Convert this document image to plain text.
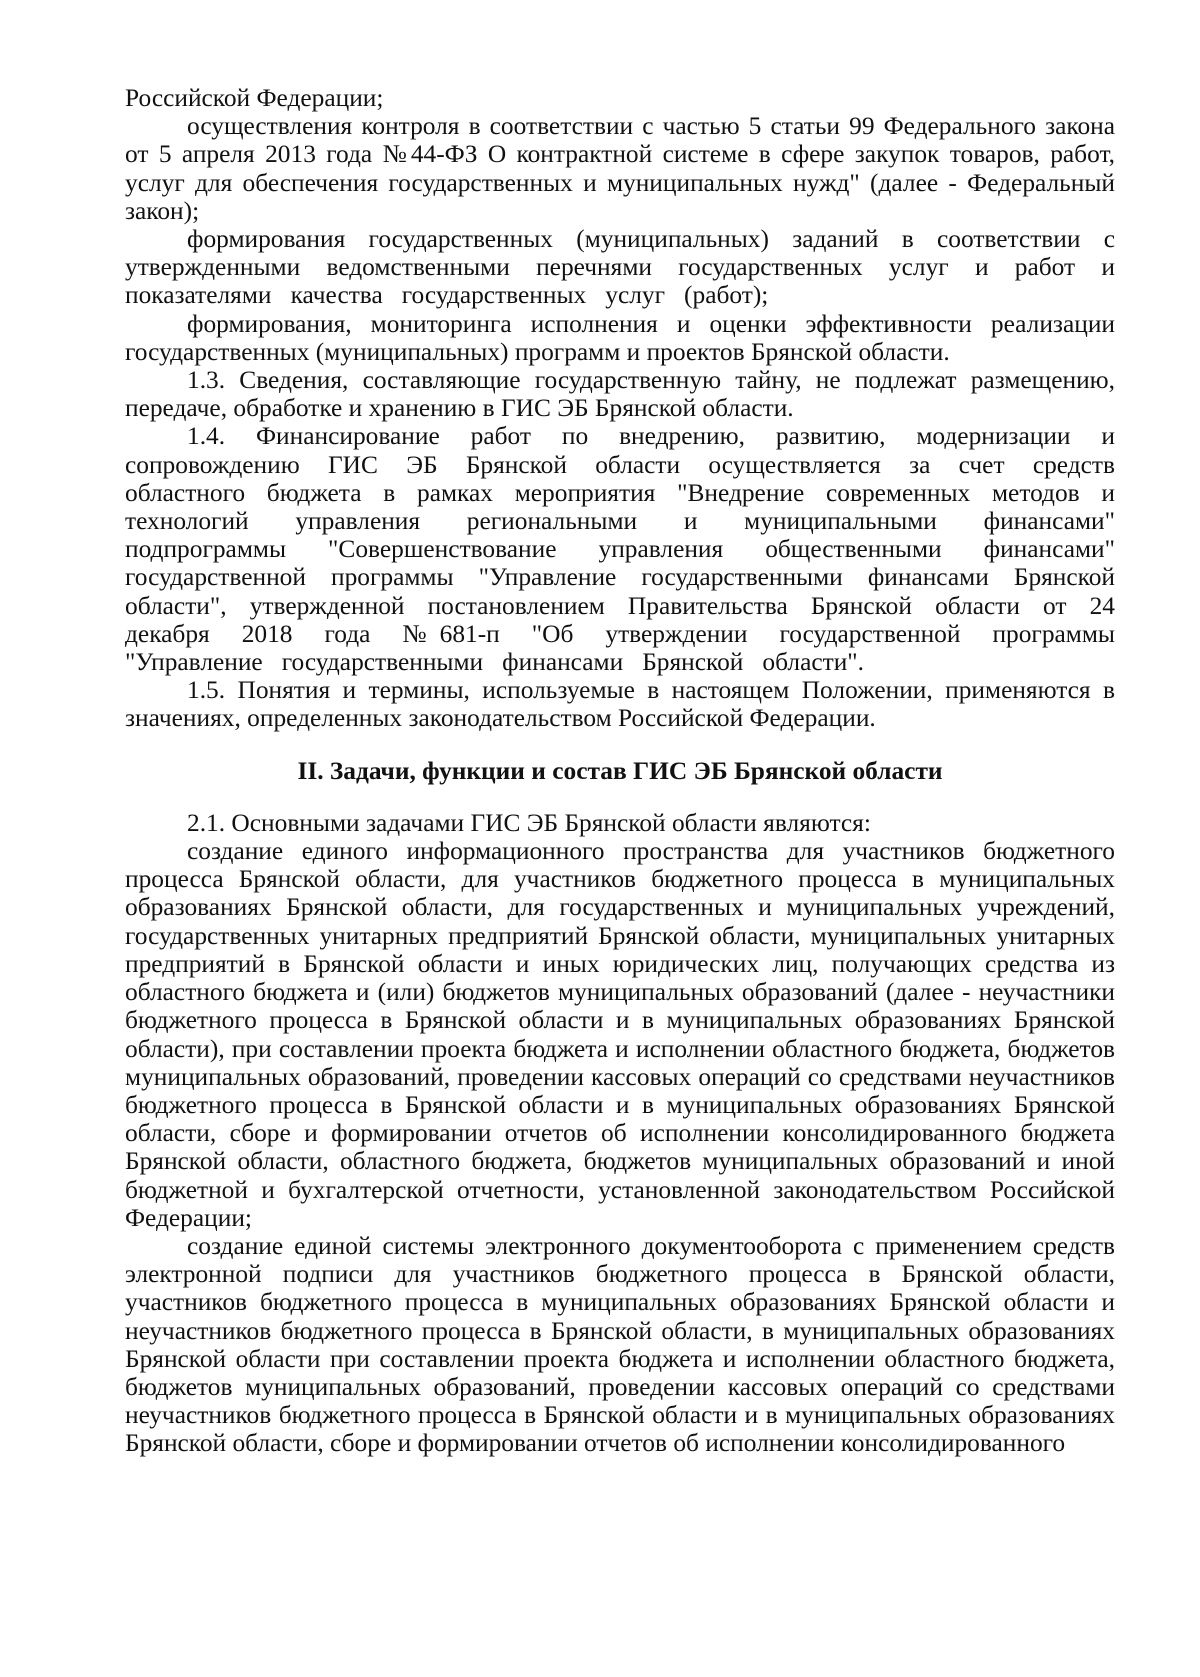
Российской Федерации;

осуществления контроля в соответствии с частью 5 статьи 99 Федерального закона от 5 апреля 2013 года №44-ФЗ О контрактной системе в сфере закупок товаров, работ, услуг для обеспечения государственных и муниципальных нужд" (далее - Федеральный закон);

формирования государственных (муниципальных) заданий в соответствии с утвержденными ведомственными перечнями государственных услуг и работ и показателями качества государственных услуг (работ);

формирования, мониторинга исполнения и оценки эффективности реализации государственных (муниципальных) программ и проектов Брянской области.

1.3. Сведения, составляющие государственную тайну, не подлежат размещению, передаче, обработке и хранению в ГИС ЭБ Брянской области.

1.4. Финансирование работ по внедрению, развитию, модернизации и сопровождению ГИС ЭБ Брянской области осуществляется за счет средств областного бюджета в рамках мероприятия "Внедрение современных методов и технологий управления региональными и муниципальными финансами" подпрограммы "Совершенствование управления общественными финансами" государственной программы "Управление государственными финансами Брянской области", утвержденной постановлением Правительства Брянской области от 24 декабря 2018 года №681-п "Об утверждении государственной программы "Управление государственными финансами Брянской области".

1.5. Понятия и термины, используемые в настоящем Положении, применяются в значениях, определенных законодательством Российской Федерации.

II. Задачи, функции и состав ГИС ЭБ Брянской области

2.1. Основными задачами ГИС ЭБ Брянской области являются:

создание единого информационного пространства для участников бюджетного процесса Брянской области, для участников бюджетного процесса в муниципальных образованиях Брянской области, для государственных и муниципальных учреждений, государственных унитарных предприятий Брянской области, муниципальных унитарных предприятий в Брянской области и иных юридических лиц, получающих средства из областного бюджета и (или) бюджетов муниципальных образований (далее - неучастники бюджетного процесса в Брянской области и в муниципальных образованиях Брянской области), при составлении проекта бюджета и исполнении областного бюджета, бюджетов муниципальных образований, проведении кассовых операций со средствами неучастников бюджетного процесса в Брянской области и в муниципальных образованиях Брянской области, сборе и формировании отчетов об исполнении консолидированного бюджета Брянской области, областного бюджета, бюджетов муниципальных образований и иной бюджетной и бухгалтерской отчетности, установленной законодательством Российской Федерации;

создание единой системы электронного документооборота с применением средств электронной подписи для участников бюджетного процесса в Брянской области, участников бюджетного процесса в муниципальных образованиях Брянской области и неучастников бюджетного процесса в Брянской области, в муниципальных образованиях Брянской области при составлении проекта бюджета и исполнении областного бюджета, бюджетов муниципальных образований, проведении кассовых операций со средствами неучастников бюджетного процесса в Брянской области и в муниципальных образованиях Брянской области, сборе и формировании отчетов об исполнении консолидированного
